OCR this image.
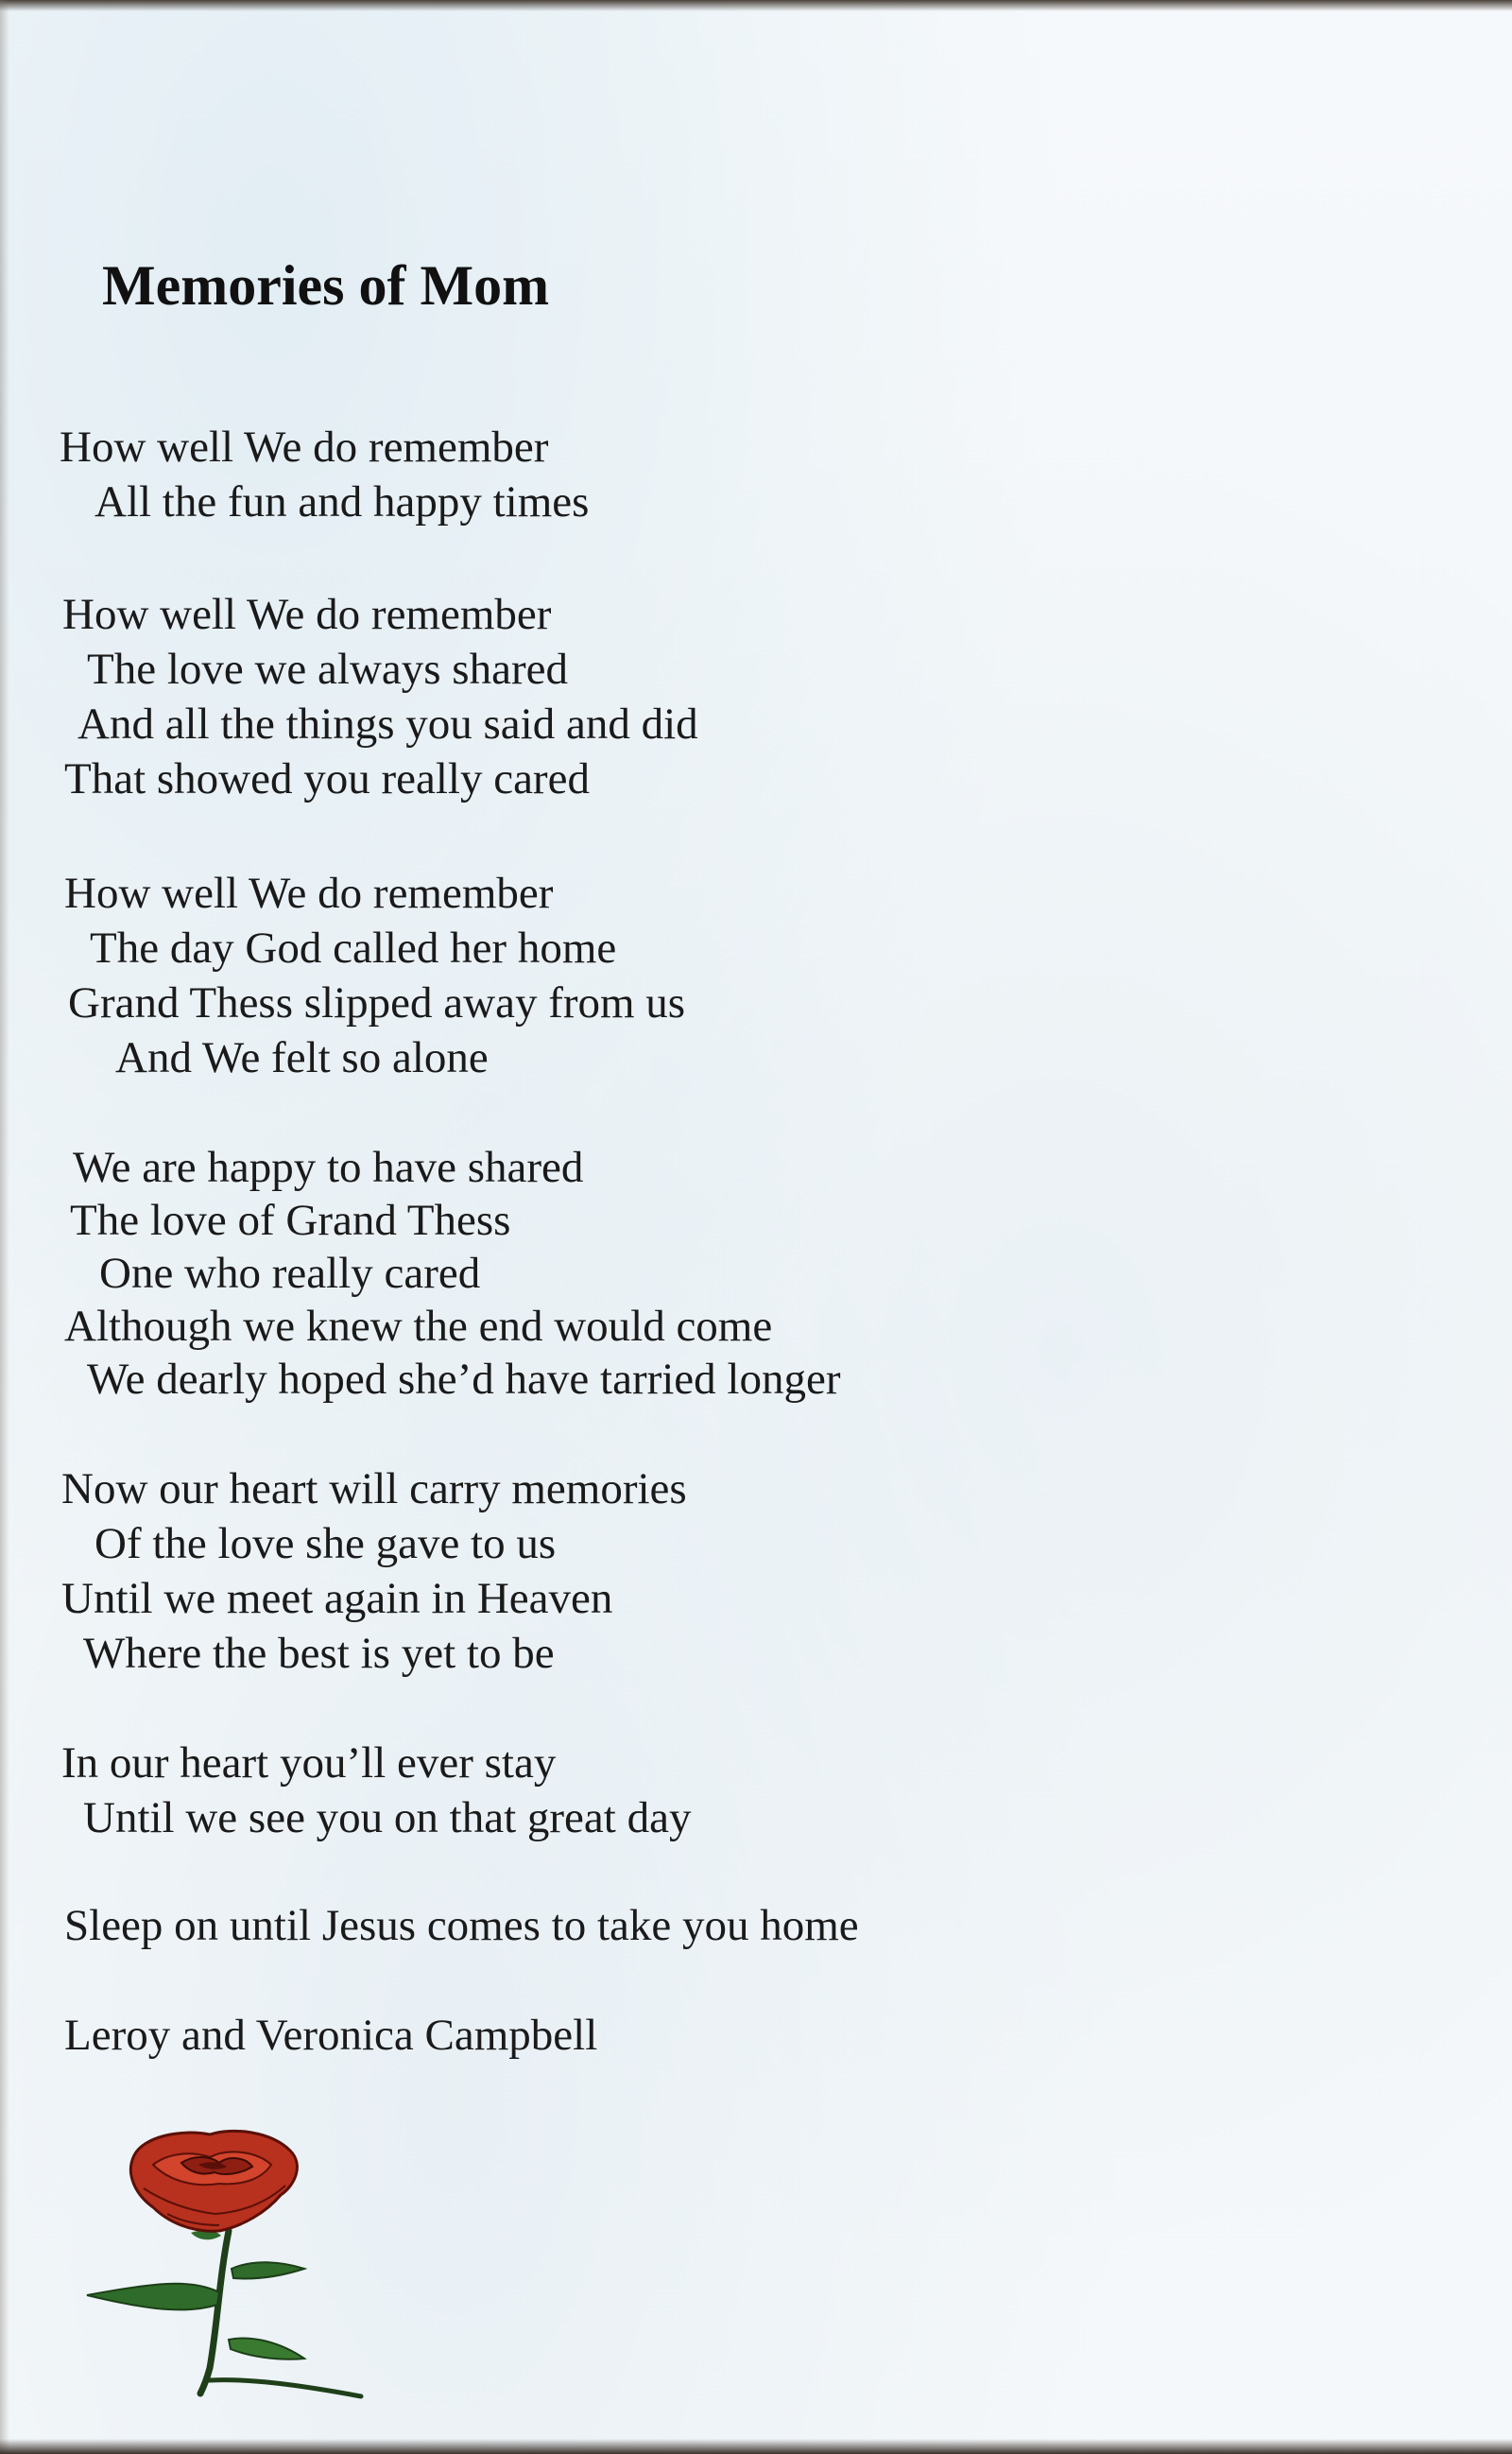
Memories of Mom
How well We do remember
All the fun and happy times
How well We do remember
The love we always shared
And all the things you said and did
That showed you really cared
How well We do remember
The day God called her home
Grand Thess slipped away from us
And We felt so alone
We are happy to have shared
The love of Grand Thess
One who really cared
Although we knew the end would come
We dearly hoped she’d have tarried longer
Now our heart will carry memories
Of the love she gave to us
Until we meet again in Heaven
Where the best is yet to be
In our heart you’ll ever stay
Until we see you on that great day
Sleep on until Jesus comes to take you home
Leroy and Veronica Campbell
